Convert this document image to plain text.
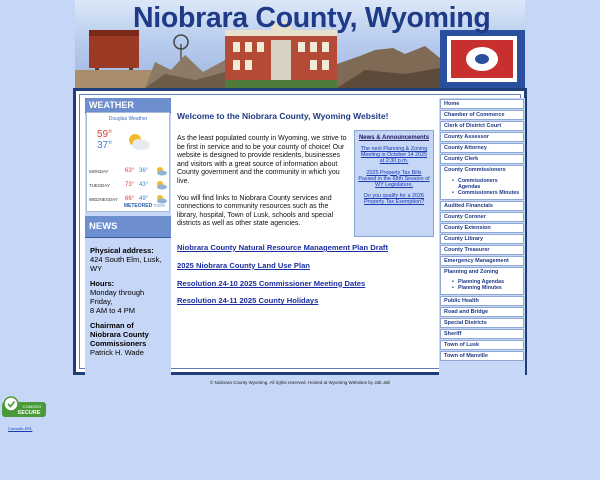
Niobrara County, Wyoming
WEATHER
Douglas Weather
59°
37°
MONDAY	63° 36°
TUESDAY	73° 43°
WEDNESDAY 66° 49°
METEORED more
NEWS

Physical address:
424 South Elm, Lusk,
WY

Hours:
Monday through
Friday,
8 AM to 4 PM

Chairman of
Niobrara County
Commissioners
Patrick H. Wade

Welcome to the Niobrara County, Wyoming Website!

As the least populated county in Wyoming, we strive to be first in service and to be your county of choice! Our website is designed to provide residents, businesses and visitors with a great source of information about County government and the community in which you live.

You will find links to Niobrara County services and connections to community resources such as the library, hospital, Town of Lusk, schools and special districts as well as other state agencies.

News & Announcements
The next Planning & Zoning Meeting is October 14 2025 at 2:30 p.m.
2025 Property Tax Bills Passed in the 68th Session of WY Legislature.
Do you qualify for a 2026 Property Tax Exemption?
Niobrara County Natural Resource Management Plan Draft
2025 Niobrara County Land Use Plan
Resolution 24-10 2025 Commissioner Meeting Dates
Resolution 24-11 2025 County Holidays
Home
Chamber of Commerce
Clerk of District Court
County Assessor
County Attorney
County Clerk
County Commissioners
• Commissioners Agendas
• Commissioners Minutes
Audited Financials
County Coroner
County Extension
County Library
County Treasurer
Emergency Management
Planning and Zoning
• Planning Agendas
• Planning Minutes
Public Health
Road and Bridge
Special Districts
Sheriff
Town of Lusk
Town of Manville
© Niobrara County Wyoming. All rights reserved. Hosted at Wyoming Websites by Jab Jab
COMODO
SECURE
Comodo SSL
